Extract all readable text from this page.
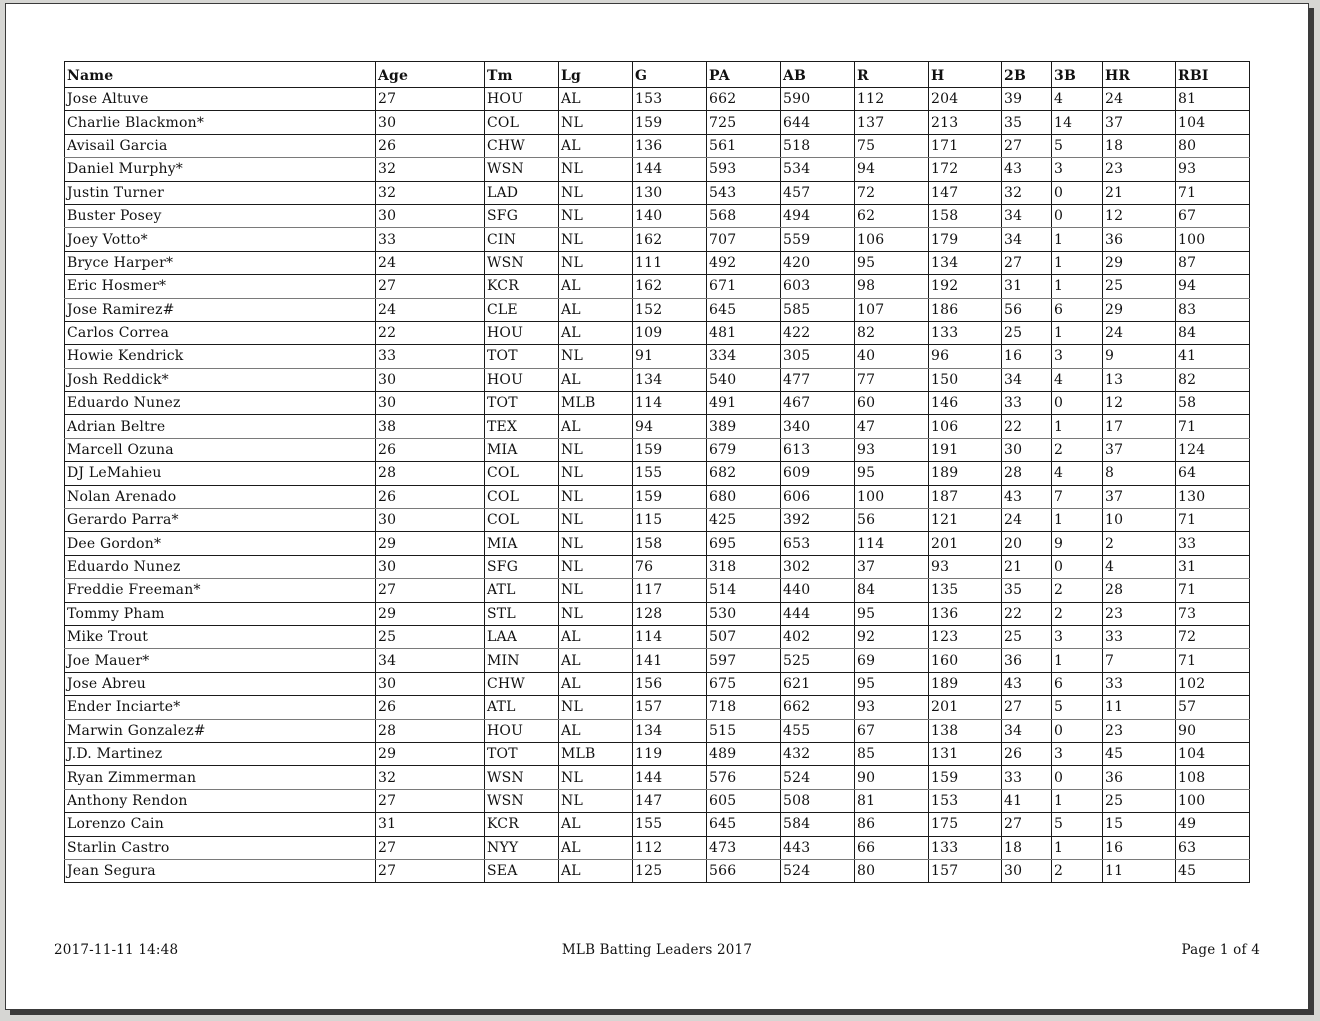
Name	Age	Tm	Lg	G	PA	AB	R	H	2B	3B	HR	RBI
Jose Altuve	27	HOU	AL	153	662	590	112	204	39	4	24	81
Charlie Blackmon*	30	COL	NL	159	725	644	137	213	35	14	37	104
Avisail Garcia	26	CHW	AL	136	561	518	75	171	27	5	18	80
Daniel Murphy*	32	WSN	NL	144	593	534	94	172	43	3	23	93
Justin Turner	32	LAD	NL	130	543	457	72	147	32	0	21	71
Buster Posey	30	SFG	NL	140	568	494	62	158	34	0	12	67
Joey Votto*	33	CIN	NL	162	707	559	106	179	34	1	36	100
Bryce Harper*	24	WSN	NL	111	492	420	95	134	27	1	29	87
Eric Hosmer*	27	KCR	AL	162	671	603	98	192	31	1	25	94
Jose Ramirez#	24	CLE	AL	152	645	585	107	186	56	6	29	83
Carlos Correa	22	HOU	AL	109	481	422	82	133	25	1	24	84
Howie Kendrick	33	TOT	NL	91	334	305	40	96	16	3	9	41
Josh Reddick*	30	HOU	AL	134	540	477	77	150	34	4	13	82
Eduardo Nunez	30	TOT	MLB	114	491	467	60	146	33	0	12	58
Adrian Beltre	38	TEX	AL	94	389	340	47	106	22	1	17	71
Marcell Ozuna	26	MIA	NL	159	679	613	93	191	30	2	37	124
DJ LeMahieu	28	COL	NL	155	682	609	95	189	28	4	8	64
Nolan Arenado	26	COL	NL	159	680	606	100	187	43	7	37	130
Gerardo Parra*	30	COL	NL	115	425	392	56	121	24	1	10	71
Dee Gordon*	29	MIA	NL	158	695	653	114	201	20	9	2	33
Eduardo Nunez	30	SFG	NL	76	318	302	37	93	21	0	4	31
Freddie Freeman*	27	ATL	NL	117	514	440	84	135	35	2	28	71
Tommy Pham	29	STL	NL	128	530	444	95	136	22	2	23	73
Mike Trout	25	LAA	AL	114	507	402	92	123	25	3	33	72
Joe Mauer*	34	MIN	AL	141	597	525	69	160	36	1	7	71
Jose Abreu	30	CHW	AL	156	675	621	95	189	43	6	33	102
Ender Inciarte*	26	ATL	NL	157	718	662	93	201	27	5	11	57
Marwin Gonzalez#	28	HOU	AL	134	515	455	67	138	34	0	23	90
J.D. Martinez	29	TOT	MLB	119	489	432	85	131	26	3	45	104
Ryan Zimmerman	32	WSN	NL	144	576	524	90	159	33	0	36	108
Anthony Rendon	27	WSN	NL	147	605	508	81	153	41	1	25	100
Lorenzo Cain	31	KCR	AL	155	645	584	86	175	27	5	15	49
Starlin Castro	27	NYY	AL	112	473	443	66	133	18	1	16	63
Jean Segura	27	SEA	AL	125	566	524	80	157	30	2	11	45
2017-11-11 14:48	MLB Batting Leaders 2017	Page 1 of 4
